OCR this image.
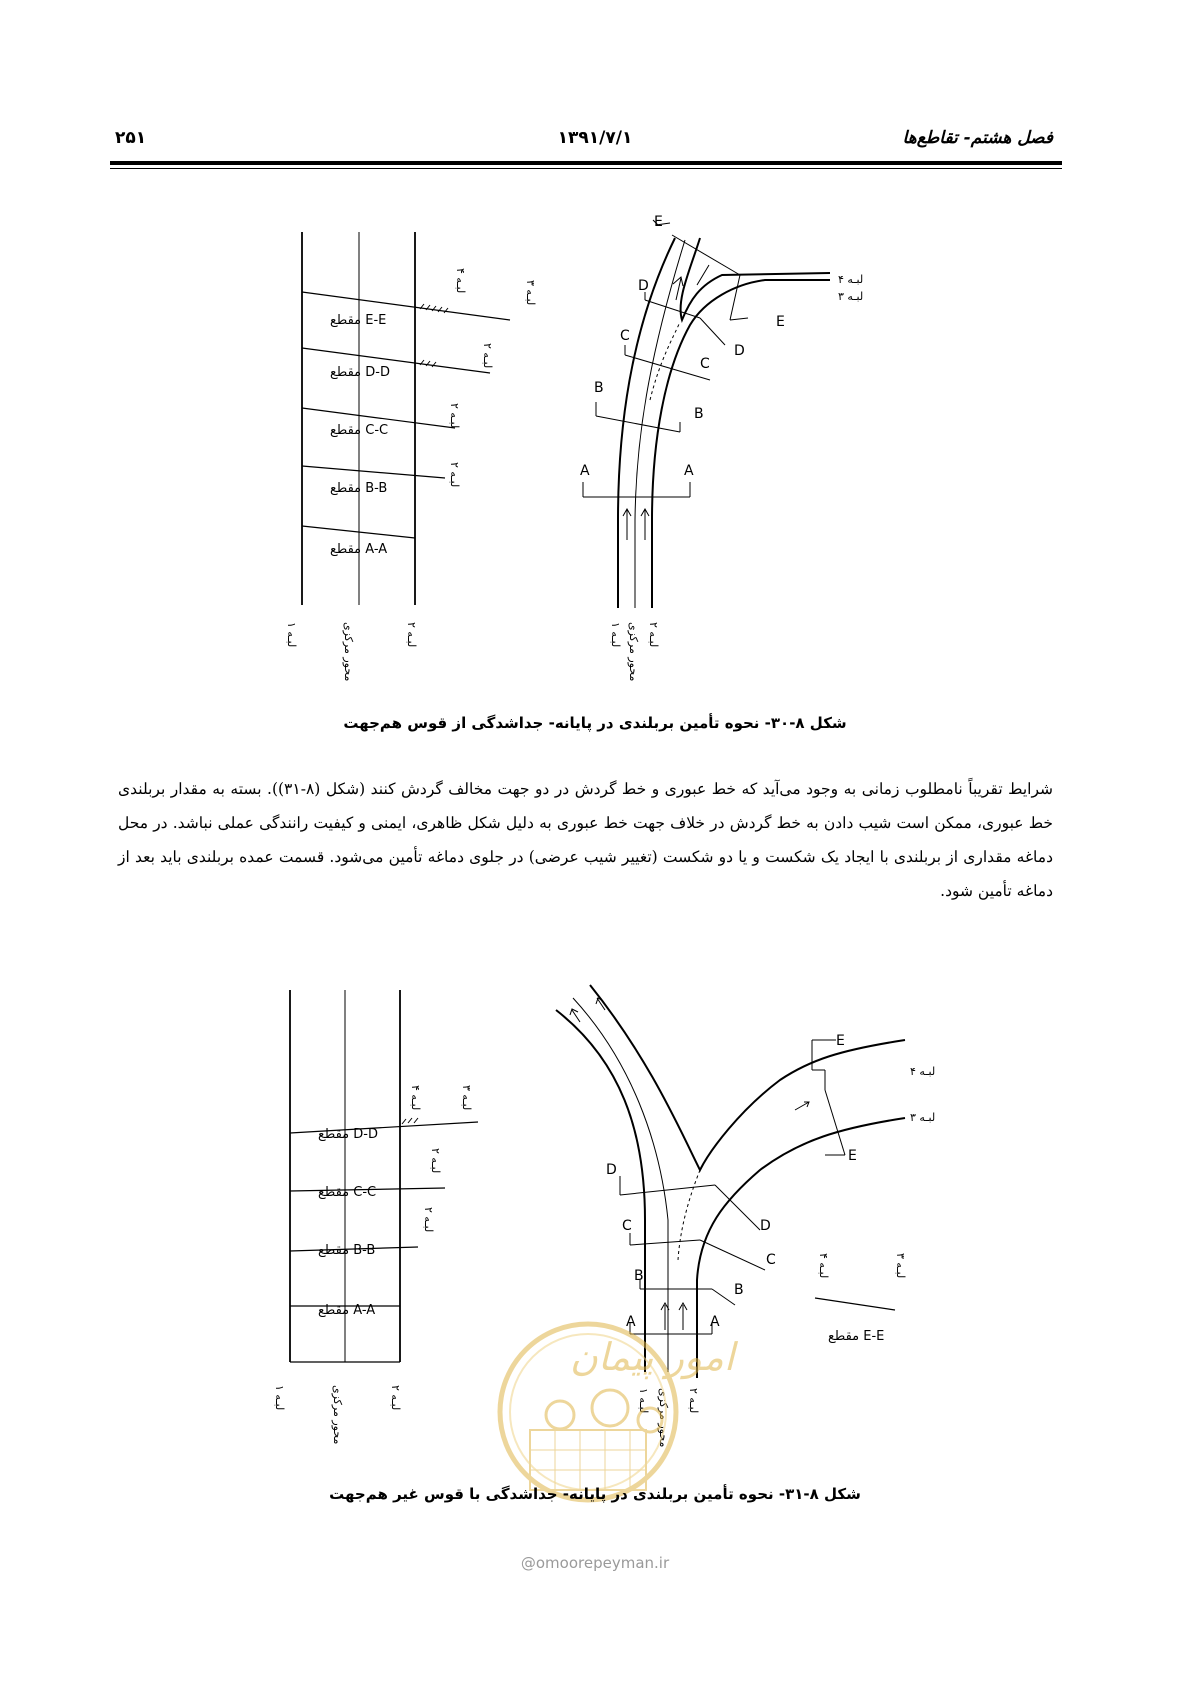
فصل هشتم- تقاطع‌ها
۱۳۹۱/۷/۱
۲۵۱
مقطع E-E
مقطع D-D
مقطع C-C
مقطع B-B
مقطع A-A
لبـه ۱	محور مرکزی	لبـه ۲
لبـه ۴	لبـه ۳
لبـه ۲
لبـه ۲
لبـه ۲	A	A
B
B
C
C
D
D
E
E
لبـه ۴
لبـه ۳
لبـه ۱ محور مرکزی لبـه ۲
شکل ۸-۳۰- نحوه تأمین بربلندی در پایانه- جداشدگی از قوس هم‌جهت
شرایط تقریباً نامطلوب زمانی به وجود می‌آید که خط عبوری و خط گردش در دو جهت مخالف گردش کنند (شکل (۸-۳۱)). بسته به مقدار بربلندی خط عبوری، ممکن است شیب دادن به خط گردش در خلاف جهت خط عبوری به دلیل شکل ظاهری، ایمنی و کیفیت رانندگی عملی نباشد. در محل دماغه مقداری از بربلندی با ایجاد یک شکست و یا دو شکست (تغییر شیب عرضی) در جلوی دماغه تأمین می‌شود. قسمت عمده بربلندی باید بعد از دماغه تأمین شود.
مقطع D-D
مقطع C-C
مقطع B-B
مقطع A-A
مقطع E-E
لبـه ۱	محور مرکزی	لبـه ۲
لبـه ۴
لبـه ۳
لبـه ۲
لبـه ۲
لبـه ۴
لبـه ۳
A	A
B
B
C
C
D
D
E
E
لبـه ۴
لبـه ۳
لبـه ۱ محور مرکزی لبـه ۲
امور پیمان
شکل ۸-۳۱- نحوه تأمین بربلندی در پایانه- جداشدگی با قوس غیر هم‌جهت
@omoorepeyman.ir
